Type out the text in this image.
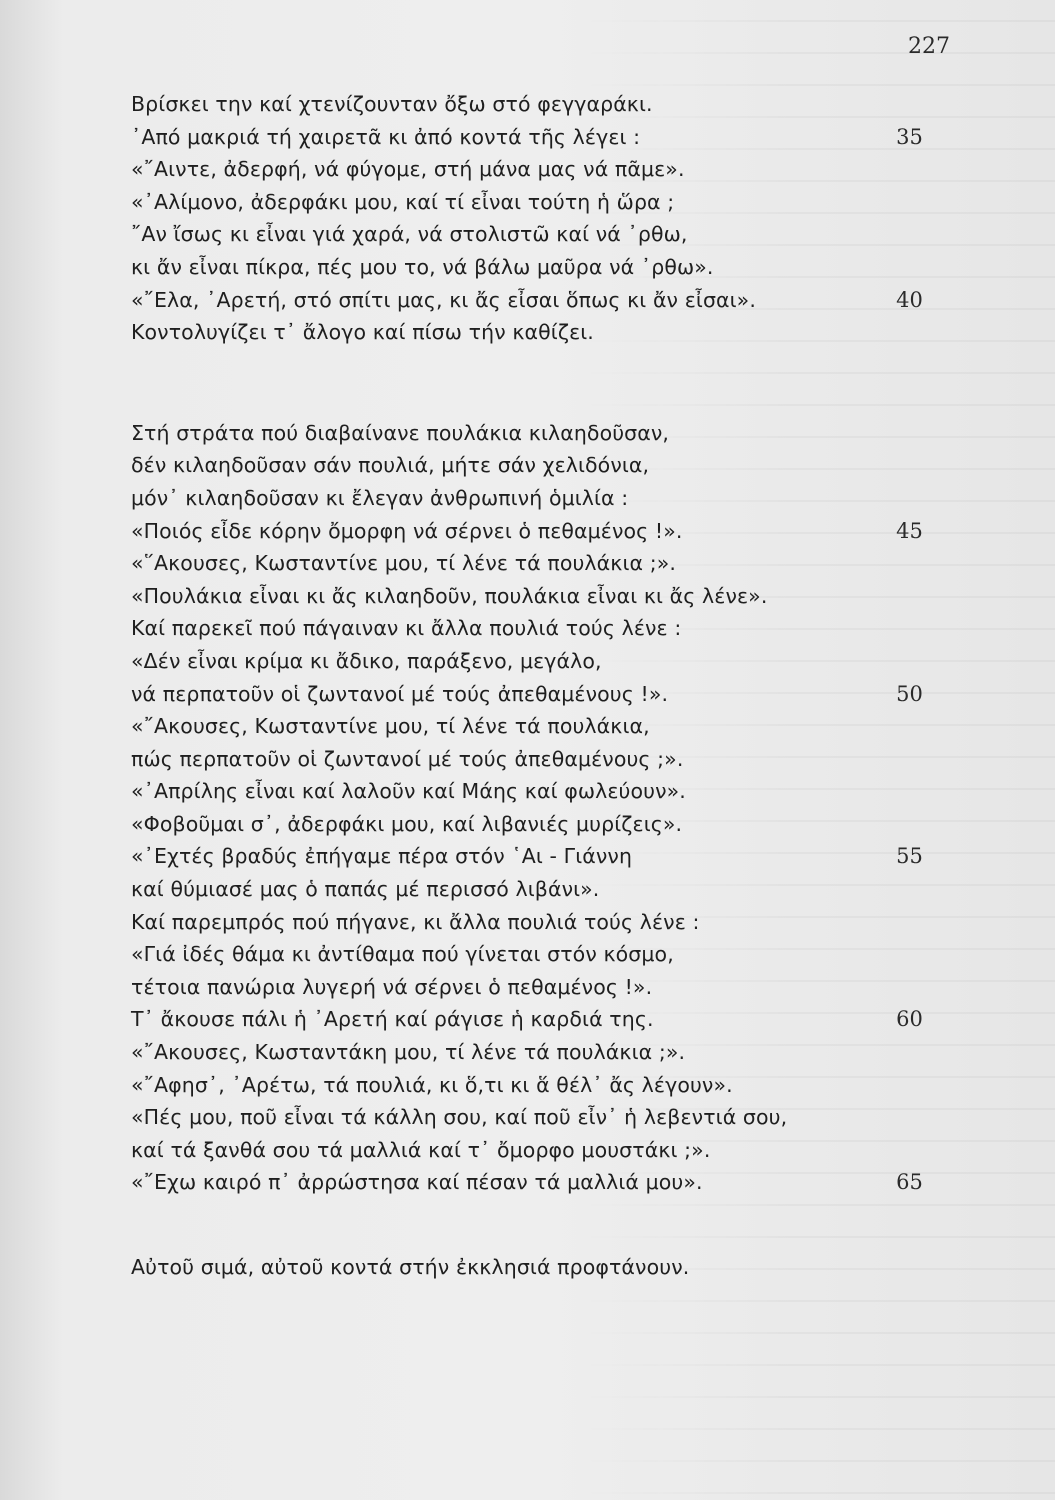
227
Βρίσκει την καί χτενίζουνταν ὄξω στό φεγγαράκι.
᾽Από μακριά τή χαιρετᾶ κι ἀπό κοντά τῆς λέγει :	35
«῎Αιντε, ἀδερφή, νά φύγομε, στή μάνα μας νά πᾶμε».
«᾽Αλίμονο, ἀδερφάκι μου, καί τί εἶναι τούτη ἡ ὥρα ;
῎Αν ἴσως κι εἶναι γιά χαρά, νά στολιστῶ καί νά ᾽ρθω,
κι ἄν εἶναι πίκρα, πές μου το, νά βάλω μαῦρα νά ᾽ρθω».
«῎Ελα, ᾽Αρετή, στό σπίτι μας, κι ἄς εἶσαι ὅπως κι ἄν εἶσαι».	40
Κοντολυγίζει τ᾽ ἄλογο καί πίσω τήν καθίζει.
Στή στράτα πού διαβαίνανε πουλάκια κιλαηδοῦσαν,
δέν κιλαηδοῦσαν σάν πουλιά, μήτε σάν χελιδόνια,
μόν᾽ κιλαηδοῦσαν κι ἔλεγαν ἀνθρωπινή ὁμιλία :
«Ποιός εἶδε κόρην ὄμορφη νά σέρνει ὁ πεθαμένος !».	45
«῞Ακουσες, Κωσταντίνε μου, τί λένε τά πουλάκια ;».
«Πουλάκια εἶναι κι ἄς κιλαηδοῦν, πουλάκια εἶναι κι ἄς λένε».
Καί παρεκεῖ πού πάγαιναν κι ἄλλα πουλιά τούς λένε :
«Δέν εἶναι κρίμα κι ἄδικο, παράξενο, μεγάλο,
νά περπατοῦν οἱ ζωντανοί μέ τούς ἀπεθαμένους !».	50
«῎Ακουσες, Κωσταντίνε μου, τί λένε τά πουλάκια,
πώς περπατοῦν οἱ ζωντανοί μέ τούς ἀπεθαμένους ;».
«᾽Απρίλης εἶναι καί λαλοῦν καί Μάης καί φωλεύουν».
«Φοβοῦμαι σ᾽, ἀδερφάκι μου, καί λιβανιές μυρίζεις».
«᾽Εχτές βραδύς ἐπήγαμε πέρα στόν ῾Αι - Γιάννη	55
καί θύμιασέ μας ὁ παπάς μέ περισσό λιβάνι».
Καί παρεμπρός πού πήγανε, κι ἄλλα πουλιά τούς λένε :
«Γιά ἰδές θάμα κι ἀντίθαμα πού γίνεται στόν κόσμο,
τέτοια πανώρια λυγερή νά σέρνει ὁ πεθαμένος !».
Τ᾽ ἄκουσε πάλι ἡ ᾽Αρετή καί ράγισε ἡ καρδιά της.	60
«῎Ακουσες, Κωσταντάκη μου, τί λένε τά πουλάκια ;».
«῎Αφησ᾽, ᾽Αρέτω, τά πουλιά, κι ὅ,τι κι ἅ θέλ᾽ ἄς λέγουν».
«Πές μου, ποῦ εἶναι τά κάλλη σου, καί ποῦ εἶν᾽ ἡ λεβεντιά σου,
καί τά ξανθά σου τά μαλλιά καί τ᾽ ὄμορφο μουστάκι ;».
«῎Εχω καιρό π᾽ ἀρρώστησα καί πέσαν τά μαλλιά μου».	65
Αὐτοῦ σιμά, αὐτοῦ κοντά στήν ἐκκλησιά προφτάνουν.
